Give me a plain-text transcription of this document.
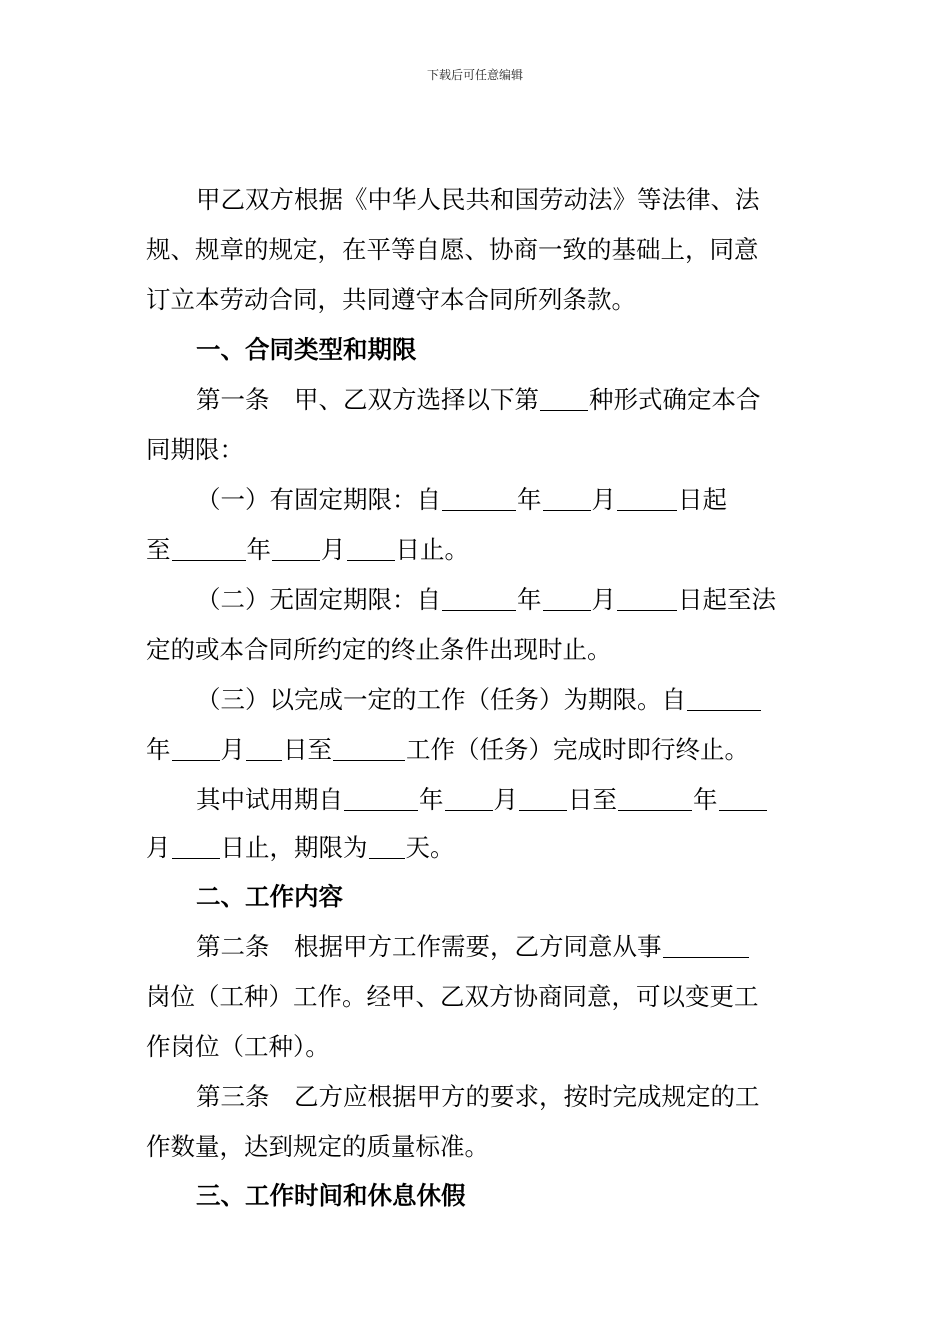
下载后可任意编辑
甲乙双方根据《中华人民共和国劳动法》等法律、法
规、规章的规定，在平等自愿、协商一致的基础上，同意
订立本劳动合同，共同遵守本合同所列条款。
一、合同类型和期限
第一条　甲、乙双方选择以下第 种形式确定本合
同期限：
（一）有固定期限：自	年 月	日起
至	年 月 日止。
（二）无固定期限：自	年 月	日起至法
定的或本合同所约定的终止条件出现时止。
（三）以完成一定的工作（任务）为期限。自
年 月 日至	工作（任务）完成时即行终止。
其中试用期自	年 月 日至	年
月 日止，期限为 天。
二、工作内容
第二条　根据甲方工作需要，乙方同意从事
岗位（工种）工作。经甲、乙双方协商同意，可以变更工
作岗位（工种）。
第三条　乙方应根据甲方的要求，按时完成规定的工
作数量，达到规定的质量标准。
三、工作时间和休息休假
